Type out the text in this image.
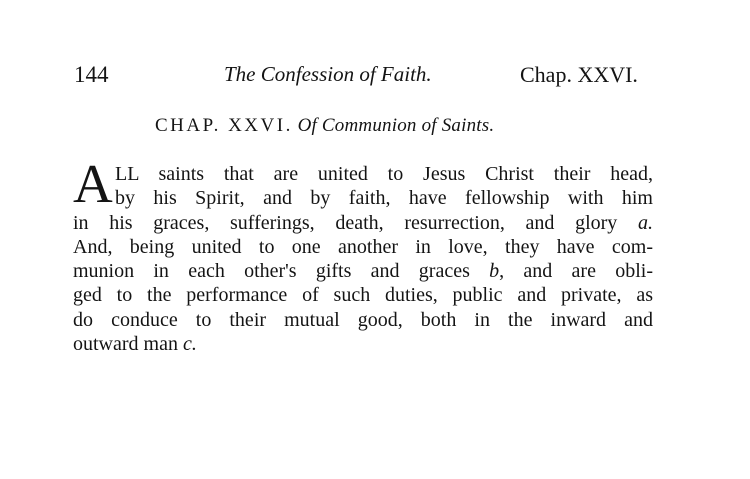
144	The Confession of Faith.	Chap. XXVI.
CHAP. XXVI. Of Communion of Saints.
A LL saints that are united to Jesus Christ their head,
by his Spirit, and by faith, have fellowship with him
in his graces, sufferings, death, resurrection, and glory a.
And, being united to one another in love, they have com-
munion in each other's gifts and graces b, and are obli-
ged to the performance of such duties, public and private, as
do conduce to their mutual good, both in the inward and
outward man c.
